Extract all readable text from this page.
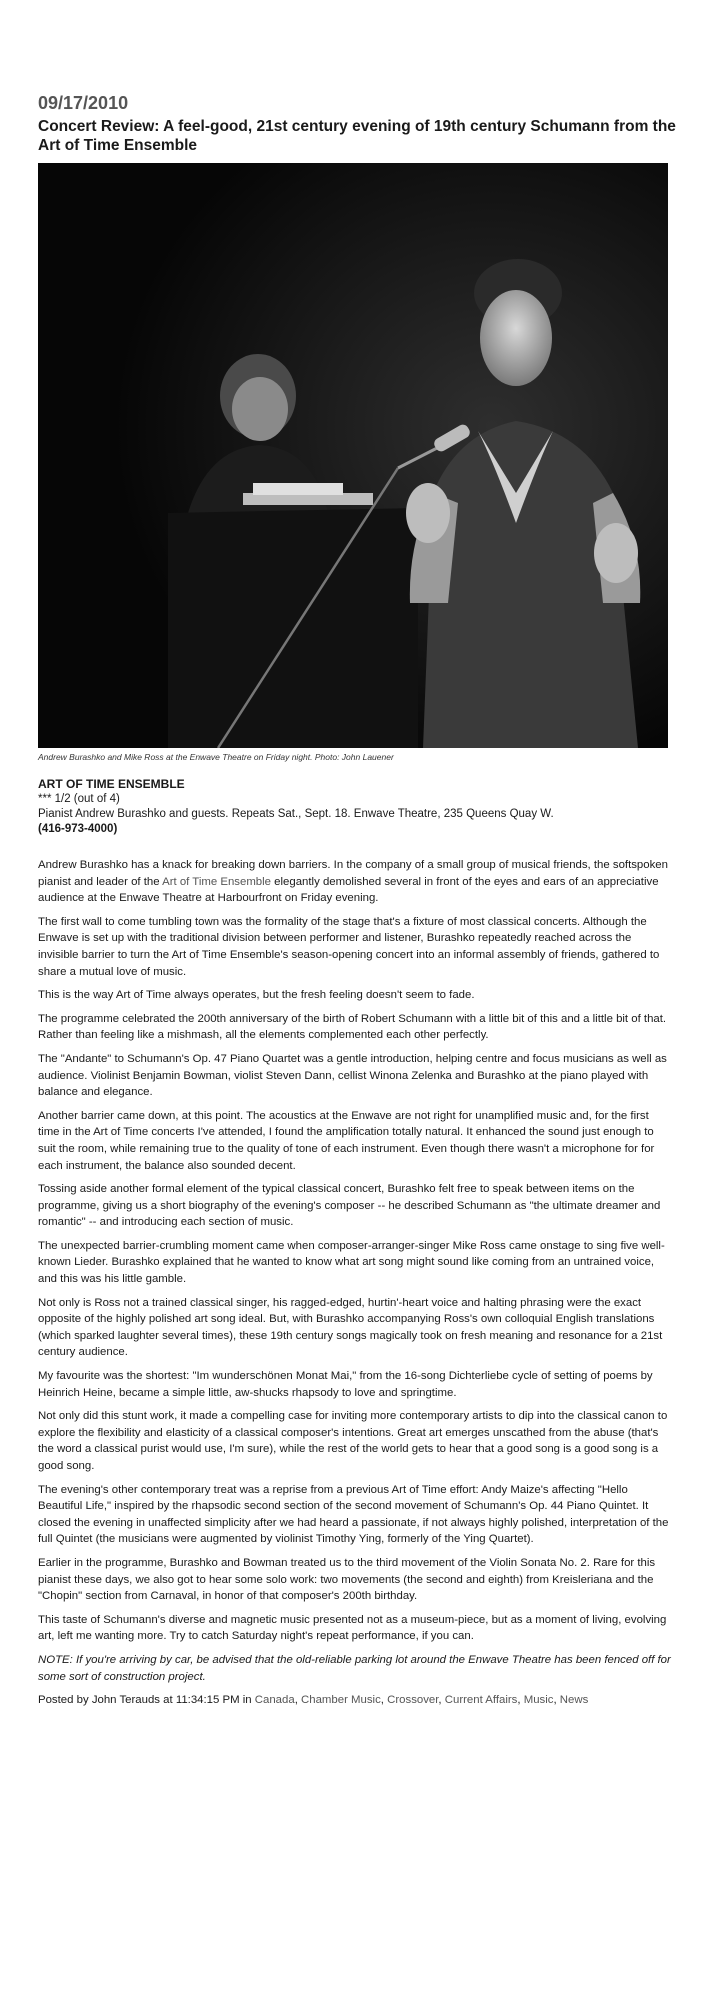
09/17/2010
Concert Review: A feel-good, 21st century evening of 19th century Schumann from the Art of Time Ensemble

Andrew Burashko and Mike Ross at the Enwave Theatre on Friday night. Photo: John Lauener

ART OF TIME ENSEMBLE

*** 1/2 (out of 4)

Pianist Andrew Burashko and guests. Repeats Sat., Sept. 18. Enwave Theatre, 235 Queens Quay W.

(416-973-4000)

Andrew Burashko has a knack for breaking down barriers. In the company of a small group of musical friends, the softspoken pianist and leader of the Art of Time Ensemble elegantly demolished several in front of the eyes and ears of an appreciative audience at the Enwave Theatre at Harbourfront on Friday evening.

The first wall to come tumbling town was the formality of the stage that's a fixture of most classical concerts. Although the Enwave is set up with the traditional division between performer and listener, Burashko repeatedly reached across the invisible barrier to turn the Art of Time Ensemble's season-opening concert into an informal assembly of friends, gathered to share a mutual love of music.

This is the way Art of Time always operates, but the fresh feeling doesn't seem to fade.

The programme celebrated the 200th anniversary of the birth of Robert Schumann with a little bit of this and a little bit of that. Rather than feeling like a mishmash, all the elements complemented each other perfectly.

The "Andante" to Schumann's Op. 47 Piano Quartet was a gentle introduction, helping centre and focus musicians as well as audience. Violinist Benjamin Bowman, violist Steven Dann, cellist Winona Zelenka and Burashko at the piano played with balance and elegance.

Another barrier came down, at this point. The acoustics at the Enwave are not right for unamplified music and, for the first time in the Art of Time concerts I've attended, I found the amplification totally natural. It enhanced the sound just enough to suit the room, while remaining true to the quality of tone of each instrument. Even though there wasn't a microphone for for each instrument, the balance also sounded decent.

Tossing aside another formal element of the typical classical concert, Burashko felt free to speak between items on the programme, giving us a short biography of the evening's composer -- he described Schumann as "the ultimate dreamer and romantic" -- and introducing each section of music.

The unexpected barrier-crumbling moment came when composer-arranger-singer Mike Ross came onstage to sing five well-known Lieder. Burashko explained that he wanted to know what art song might sound like coming from an untrained voice, and this was his little gamble.

Not only is Ross not a trained classical singer, his ragged-edged, hurtin'-heart voice and halting phrasing were the exact opposite of the highly polished art song ideal. But, with Burashko accompanying Ross's own colloquial English translations (which sparked laughter several times), these 19th century songs magically took on fresh meaning and resonance for a 21st century audience.

My favourite was the shortest: "Im wunderschönen Monat Mai," from the 16-song Dichterliebe cycle of setting of poems by Heinrich Heine, became a simple little, aw-shucks rhapsody to love and springtime.

Not only did this stunt work, it made a compelling case for inviting more contemporary artists to dip into the classical canon to explore the flexibility and elasticity of a classical composer's intentions. Great art emerges unscathed from the abuse (that's the word a classical purist would use, I'm sure), while the rest of the world gets to hear that a good song is a good song is a good song.

The evening's other contemporary treat was a reprise from a previous Art of Time effort: Andy Maize's affecting "Hello Beautiful Life," inspired by the rhapsodic second section of the second movement of Schumann's Op. 44 Piano Quintet. It closed the evening in unaffected simplicity after we had heard a passionate, if not always highly polished, interpretation of the full Quintet (the musicians were augmented by violinist Timothy Ying, formerly of the Ying Quartet).

Earlier in the programme, Burashko and Bowman treated us to the third movement of the Violin Sonata No. 2. Rare for this pianist these days, we also got to hear some solo work: two movements (the second and eighth) from Kreisleriana and the "Chopin" section from Carnaval, in honor of that composer's 200th birthday.

This taste of Schumann's diverse and magnetic music presented not as a museum-piece, but as a moment of living, evolving art, left me wanting more. Try to catch Saturday night's repeat performance, if you can.

NOTE: If you're arriving by car, be advised that the old-reliable parking lot around the Enwave Theatre has been fenced off for some sort of construction project.

Posted by John Terauds at 11:34:15 PM in Canada, Chamber Music, Crossover, Current Affairs, Music, News
